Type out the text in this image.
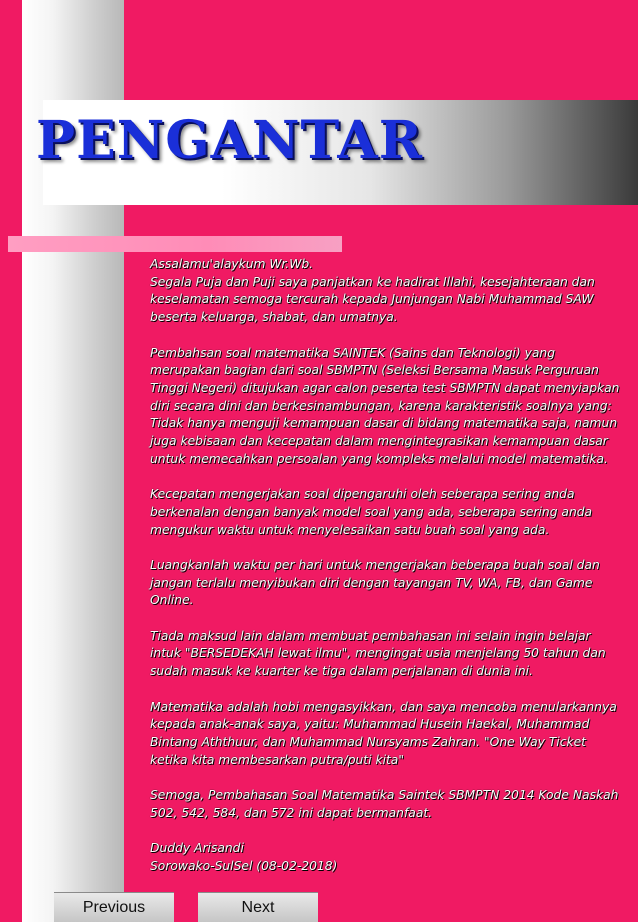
PENGANTAR

Assalamu'alaykum Wr.Wb.
Segala Puja dan Puji saya panjatkan ke hadirat Illahi, kesejahteraan dan keselamatan semoga tercurah kepada Junjungan Nabi Muhammad SAW beserta keluarga, shabat, dan umatnya.

Pembahsan soal matematika SAINTEK (Sains dan Teknologi) yang merupakan bagian dari soal SBMPTN (Seleksi Bersama Masuk Perguruan Tinggi Negeri) ditujukan agar calon peserta test SBMPTN dapat menyiapkan diri secara dini dan berkesinambungan, karena karakteristik soalnya yang: Tidak hanya menguji kemampuan dasar di bidang matematika saja, namun juga kebisaan dan kecepatan dalam mengintegrasikan kemampuan dasar untuk memecahkan persoalan yang kompleks melalui model matematika.

Kecepatan mengerjakan soal dipengaruhi oleh seberapa sering anda berkenalan dengan banyak model soal yang ada, seberapa sering anda mengukur waktu untuk menyelesaikan satu buah soal yang ada.

Luangkanlah waktu per hari untuk mengerjakan beberapa buah soal dan jangan terlalu menyibukan diri dengan tayangan TV, WA, FB, dan Game Online.

Tiada maksud lain dalam membuat pembahasan ini selain ingin belajar intuk "BERSEDEKAH lewat ilmu", mengingat usia menjelang 50 tahun dan sudah masuk ke kuarter ke tiga dalam perjalanan di dunia ini.

Matematika adalah hobi mengasyikkan, dan saya mencoba menularkannya kepada anak-anak saya, yaitu: Muhammad Husein Haekal, Muhammad Bintang Aththuur, dan Muhammad Nursyams Zahran. "One Way Ticket ketika kita membesarkan putra/puti kita"

Semoga, Pembahasan Soal Matematika Saintek SBMPTN 2014 Kode Naskah 502, 542, 584, dan 572 ini dapat bermanfaat.

Duddy Arisandi
Sorowako-SulSel (08-02-2018)

Previous	Next
